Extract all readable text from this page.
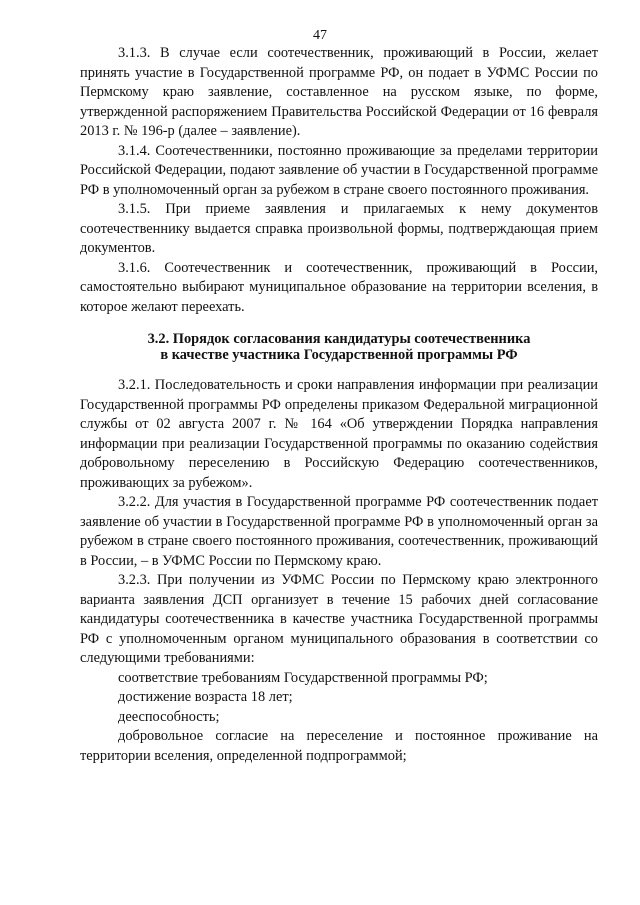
47

3.1.3. В случае если соотечественник, проживающий в России, желает принять участие в Государственной программе РФ, он подает в УФМС России по Пермскому краю заявление, составленное на русском языке, по форме, утвержденной распоряжением Правительства Российской Федерации от 16 февраля 2013 г. № 196-р (далее – заявление).

3.1.4. Соотечественники, постоянно проживающие за пределами территории Российской Федерации, подают заявление об участии в Государственной программе РФ в уполномоченный орган за рубежом в стране своего постоянного проживания.

3.1.5. При приеме заявления и прилагаемых к нему документов соотечественнику выдается справка произвольной формы, подтверждающая прием документов.

3.1.6. Соотечественник и соотечественник, проживающий в России, самостоятельно выбирают муниципальное образование на территории вселения, в которое желают переехать.

3.2. Порядок согласования кандидатуры соотечественника
в качестве участника Государственной программы РФ

3.2.1. Последовательность и сроки направления информации при реализации Государственной программы РФ определены приказом Федеральной миграционной службы от 02 августа 2007 г. № 164 «Об утверждении Порядка направления информации при реализации Государственной программы по оказанию содействия добровольному переселению в Российскую Федерацию соотечественников, проживающих за рубежом».

3.2.2. Для участия в Государственной программе РФ соотечественник подает заявление об участии в Государственной программе РФ в уполномоченный орган за рубежом в стране своего постоянного проживания, соотечественник, проживающий в России, – в УФМС России по Пермскому краю.

3.2.3. При получении из УФМС России по Пермскому краю электронного варианта заявления ДСП организует в течение 15 рабочих дней согласование кандидатуры соотечественника в качестве участника Государственной программы РФ с уполномоченным органом муниципального образования в соответствии со следующими требованиями:

соответствие требованиям Государственной программы РФ;

достижение возраста 18 лет;

дееспособность;

добровольное согласие на переселение и постоянное проживание на территории вселения, определенной подпрограммой;
